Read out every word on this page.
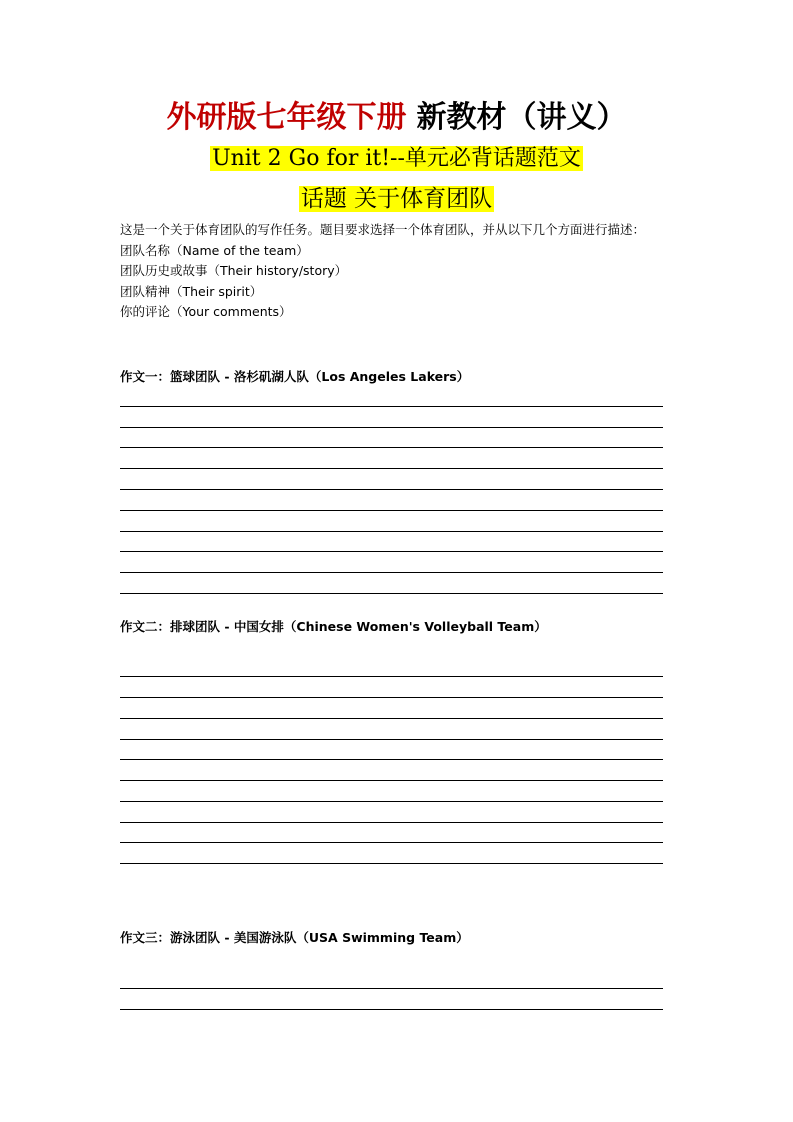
外研版七年级下册 新教材（讲义）
Unit 2 Go for it!--单元必背话题范文
话题 关于体育团队

这是一个关于体育团队的写作任务。题目要求选择一个体育团队，并从以下几个方面进行描述：

团队名称（Name of the team）

团队历史或故事（Their history/story）

团队精神（Their spirit）

你的评论（Your comments）

作文一：篮球团队 - 洛杉矶湖人队（Los Angeles Lakers）
作文二：排球团队 - 中国女排（Chinese Women's Volleyball Team）
作文三：游泳团队 - 美国游泳队（USA Swimming Team）
